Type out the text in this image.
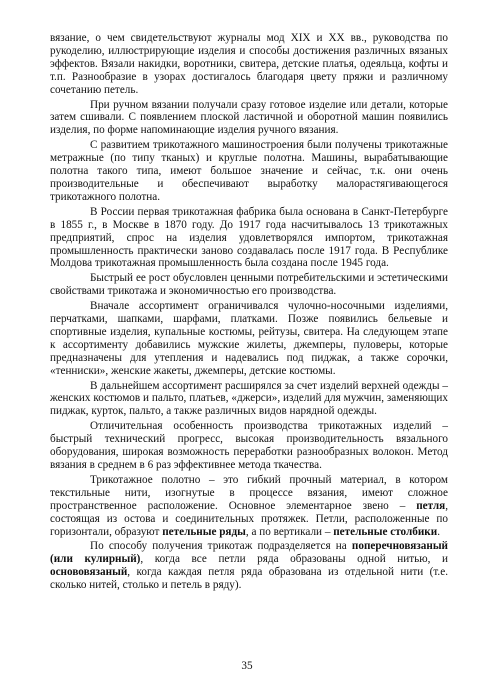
вязание, о чем свидетельствуют журналы мод XIX и XX вв., руководства по рукоделию, иллюстрирующие изделия и способы достижения различных вязаных эффектов. Вязали накидки, воротники, свитера, детские платья, одеяльца, кофты и т.п. Разнообразие в узорах достигалось благодаря цвету пряжи и различному сочетанию петель.

При ручном вязании получали сразу готовое изделие или детали, которые затем сшивали. С появлением плоской ластичной и оборотной машин появились изделия, по форме напоминающие изделия ручного вязания.

С развитием трикотажного машиностроения были получены трикотажные метражные (по типу тканых) и круглые полотна. Машины, вырабатывающие полотна такого типа, имеют большое значение и сейчас, т.к. они очень производительные и обеспечивают выработку малорастягивающегося трикотажного полотна.

В России первая трикотажная фабрика была основана в Санкт-Петербурге в 1855 г., в Москве в 1870 году. До 1917 года насчитывалось 13 трикотажных предприятий, спрос на изделия удовлетворялся импортом, трикотажная промышленность практически заново создавалась после 1917 года. В Республике Молдова трикотажная промышленность была создана после 1945 года.

Быстрый ее рост обусловлен ценными потребительскими и эстетическими свойствами трикотажа и экономичностью его производства.

Вначале ассортимент ограничивался чулочно-носочными изделиями, перчатками, шапками, шарфами, платками. Позже появились бельевые и спортивные изделия, купальные костюмы, рейтузы, свитера. На следующем этапе к ассортименту добавились мужские жилеты, джемперы, пуловеры, которые предназначены для утепления и надевались под пиджак, а также сорочки, «тенниски», женские жакеты, джемперы, детские костюмы.

В дальнейшем ассортимент расширялся за счет изделий верхней одежды – женских костюмов и пальто, платьев, «джерси», изделий для мужчин, заменяющих пиджак, курток, пальто, а также различных видов нарядной одежды.

Отличительная особенность производства трикотажных изделий – быстрый технический прогресс, высокая производительность вязального оборудования, широкая возможность переработки разнообразных волокон. Метод вязания в среднем в 6 раз эффективнее метода ткачества.

Трикотажное полотно – это гибкий прочный материал, в котором текстильные нити, изогнутые в процессе вязания, имеют сложное пространственное расположение. Основное элементарное звено – петля, состоящая из остова и соединительных протяжек. Петли, расположенные по горизонтали, образуют петельные ряды, а по вертикали – петельные столбики.

По способу получения трикотаж подразделяется на поперечновязаный (или кулирный), когда все петли ряда образованы одной нитью, и основовязаный, когда каждая петля ряда образована из отдельной нити (т.е. сколько нитей, столько и петель в ряду).

35
